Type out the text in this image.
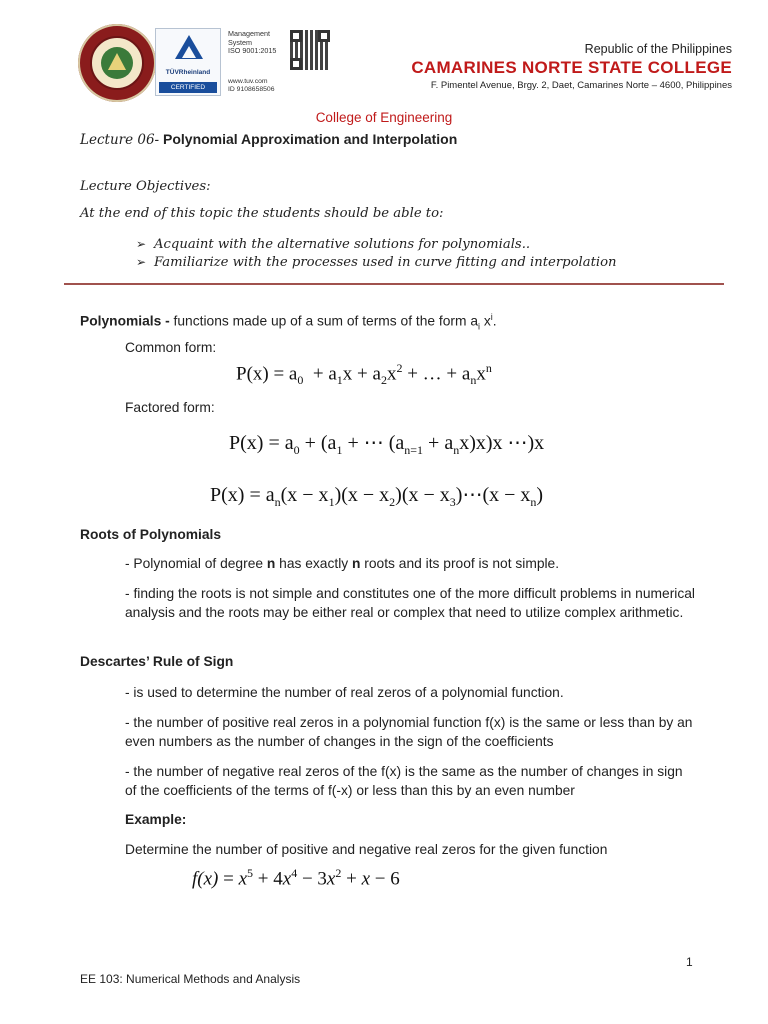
TÜVRheinland
CERTIFIED
Management
System
ISO 9001:2015
www.tuv.com
ID 9108658506
Republic of the Philippines
CAMARINES NORTE STATE COLLEGE
F. Pimentel Avenue, Brgy. 2, Daet, Camarines Norte – 4600, Philippines
College of Engineering
Lecture 06- Polynomial Approximation and Interpolation
Lecture Objectives:
At the end of this topic the students should be able to:
➢ Acquaint with the alternative solutions for polynomials..
➢ Familiarize with the processes used in curve fitting and interpolation
Polynomials - functions made up of a sum of terms of the form $a_i$ $x^i$.
Common form:
$P(x) = a_0 + a_1x + a_2x^2$ + … + $a_nx^n$
Factored form:
$P(x) = a_0 + (a_1$ + ⋯ $(a_{n=1} + a_nx)x)x$ ⋯)x
$P(x) = a_n(x - x_1)(x - x_2)(x$ − $x_3)\cdots(x - x_n)$
Roots of Polynomials
- Polynomial of degree n has exactly n roots and its proof is not simple.
- finding the roots is not simple and constitutes one of the more difficult problems in numerical analysis and the roots may be either real or complex that need to utilize complex arithmetic.
Descartes’ Rule of Sign
- is used to determine the number of real zeros of a polynomial function.
- the number of positive real zeros in a polynomial function f(x) is the same or less than by an even numbers as the number of changes in the sign of the coefficients
- the number of negative real zeros of the f(x) is the same as the number of changes in sign of the coefficients of the terms of f(-x) or less than this by an even number
Example:
Determine the number of positive and negative real zeros for the given function
$f(x) = x^5 + 4x^4 - 3x^2 + x - 6$
1
EE 103: Numerical Methods and Analysis
